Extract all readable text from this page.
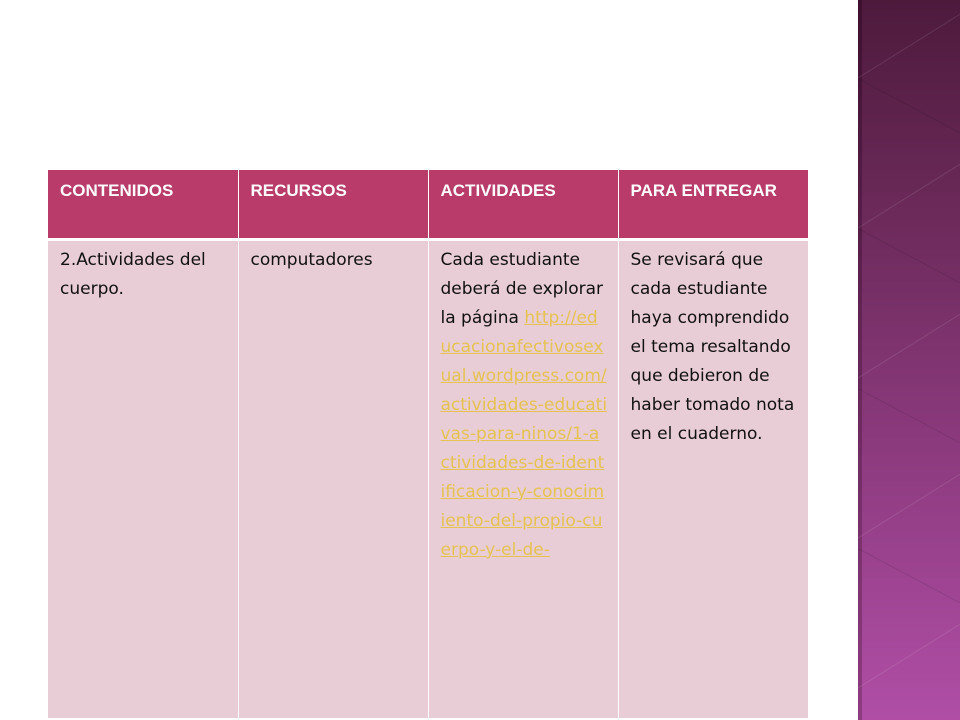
CONTENIDOS	RECURSOS	ACTIVIDADES	PARA ENTREGAR

2.Actividades del cuerpo.	computadores	Cada estudiante deberá de explorar la página http://educacionafectivosexual.wordpress.com/actividades-educativas-para-ninos/1-actividades-de-identificacion-y-conocimiento-del-propio-cuerpo-y-el-de-	Se revisará que cada estudiante haya comprendido el tema resaltando que debieron de haber tomado nota en el cuaderno.
